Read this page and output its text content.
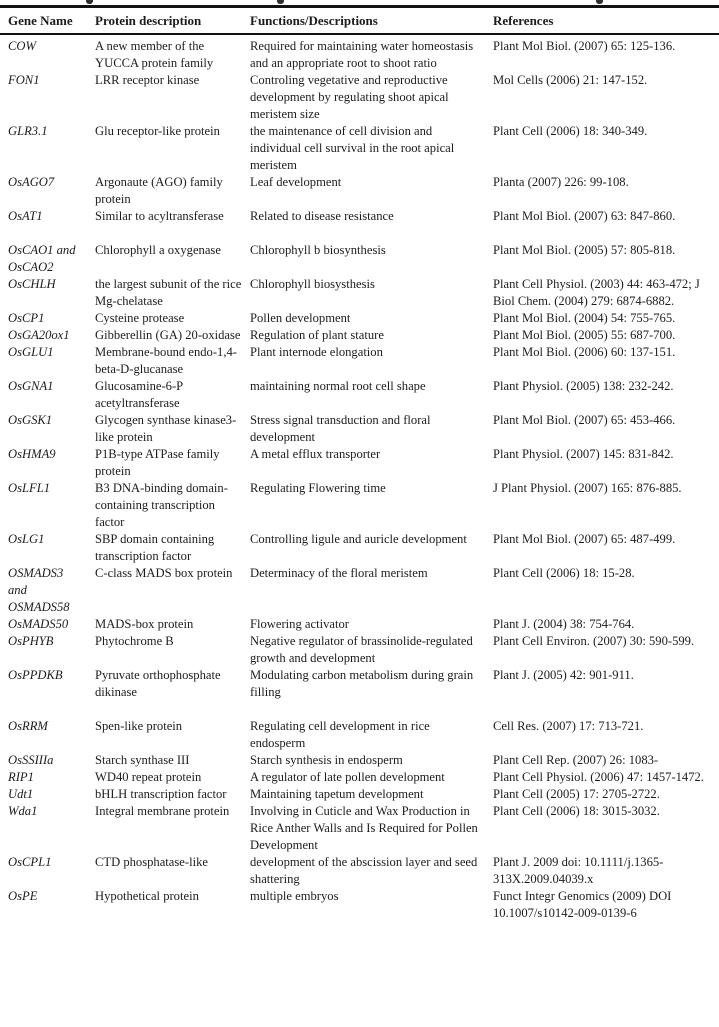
Gene Name	Protein description	Functions/Descriptions	References
COW	A new member of the YUCCA protein family	Required for maintaining water homeostasis and an appropriate root to shoot ratio	Plant Mol Biol. (2007) 65: 125-136.
FON1	LRR receptor kinase	Controling vegetative and reproductive development by regulating shoot apical meristem size	Mol Cells (2006) 21: 147-152.
GLR3.1	Glu receptor-like protein	the maintenance of cell division and individual cell survival in the root apical meristem	Plant Cell (2006) 18: 340-349.
OsAGO7	Argonaute (AGO) family protein	Leaf development	Planta (2007) 226: 99-108.
OsAT1	Similar to acyltransferase	Related to disease resistance	Plant Mol Biol. (2007) 63: 847-860.
OsCAO1 and OsCAO2	Chlorophyll a oxygenase	Chlorophyll b biosynthesis	Plant Mol Biol. (2005) 57: 805-818.
OsCHLH	the largest subunit of the rice Mg-chelatase	Chlorophyll biosysthesis	Plant Cell Physiol. (2003) 44: 463-472; J Biol Chem. (2004) 279: 6874-6882.
OsCP1	Cysteine protease	Pollen development	Plant Mol Biol. (2004) 54: 755-765.
OsGA20ox1	Gibberellin (GA) 20-oxidase	Regulation of plant stature	Plant Mol Biol. (2005) 55: 687-700.
OsGLU1	Membrane-bound endo-1,4-beta-D-glucanase	Plant internode elongation	Plant Mol Biol. (2006) 60: 137-151.
OsGNA1	Glucosamine-6-P acetyltransferase	maintaining normal root cell shape	Plant Physiol. (2005) 138: 232-242.
OsGSK1	Glycogen synthase kinase3-like protein	Stress signal transduction and floral development	Plant Mol Biol. (2007) 65: 453-466.
OsHMA9	P1B-type ATPase family protein	A metal efflux transporter	Plant Physiol. (2007) 145: 831-842.
OsLFL1	B3 DNA-binding domain-containing transcription factor	Regulating Flowering time	J Plant Physiol. (2007) 165: 876-885.
OsLG1	SBP domain containing transcription factor	Controlling ligule and auricle development	Plant Mol Biol. (2007) 65: 487-499.
OSMADS3 and OSMADS58	C-class MADS box protein	Determinacy of the floral meristem	Plant Cell (2006) 18: 15-28.
OsMADS50	MADS-box protein	Flowering activator	Plant J. (2004) 38: 754-764.
OsPHYB	Phytochrome B	Negative regulator of brassinolide-regulated growth and development	Plant Cell Environ. (2007) 30: 590-599.
OsPPDKB	Pyruvate orthophosphate dikinase	Modulating carbon metabolism during grain filling	Plant J. (2005) 42: 901-911.
OsRRM	Spen-like protein	Regulating cell development in rice endosperm	Cell Res. (2007) 17: 713-721.
OsSSIIIa	Starch synthase III	Starch synthesis in endosperm	Plant Cell Rep. (2007) 26: 1083-
RIP1	WD40 repeat protein	A regulator of late pollen development	Plant Cell Physiol. (2006) 47: 1457-1472.
Udt1	bHLH transcription factor	Maintaining tapetum development	Plant Cell (2005) 17: 2705-2722.
Wda1	Integral membrane protein	Involving in Cuticle and Wax Production in Rice Anther Walls and Is Required for Pollen Development	Plant Cell (2006) 18: 3015-3032.
OsCPL1	CTD phosphatase-like	development of the abscission layer and seed shattering	Plant J. 2009 doi: 10.1111/j.1365-313X.2009.04039.x
OsPE	Hypothetical protein	multiple embryos	Funct Integr Genomics (2009) DOI 10.1007/s10142-009-0139-6
